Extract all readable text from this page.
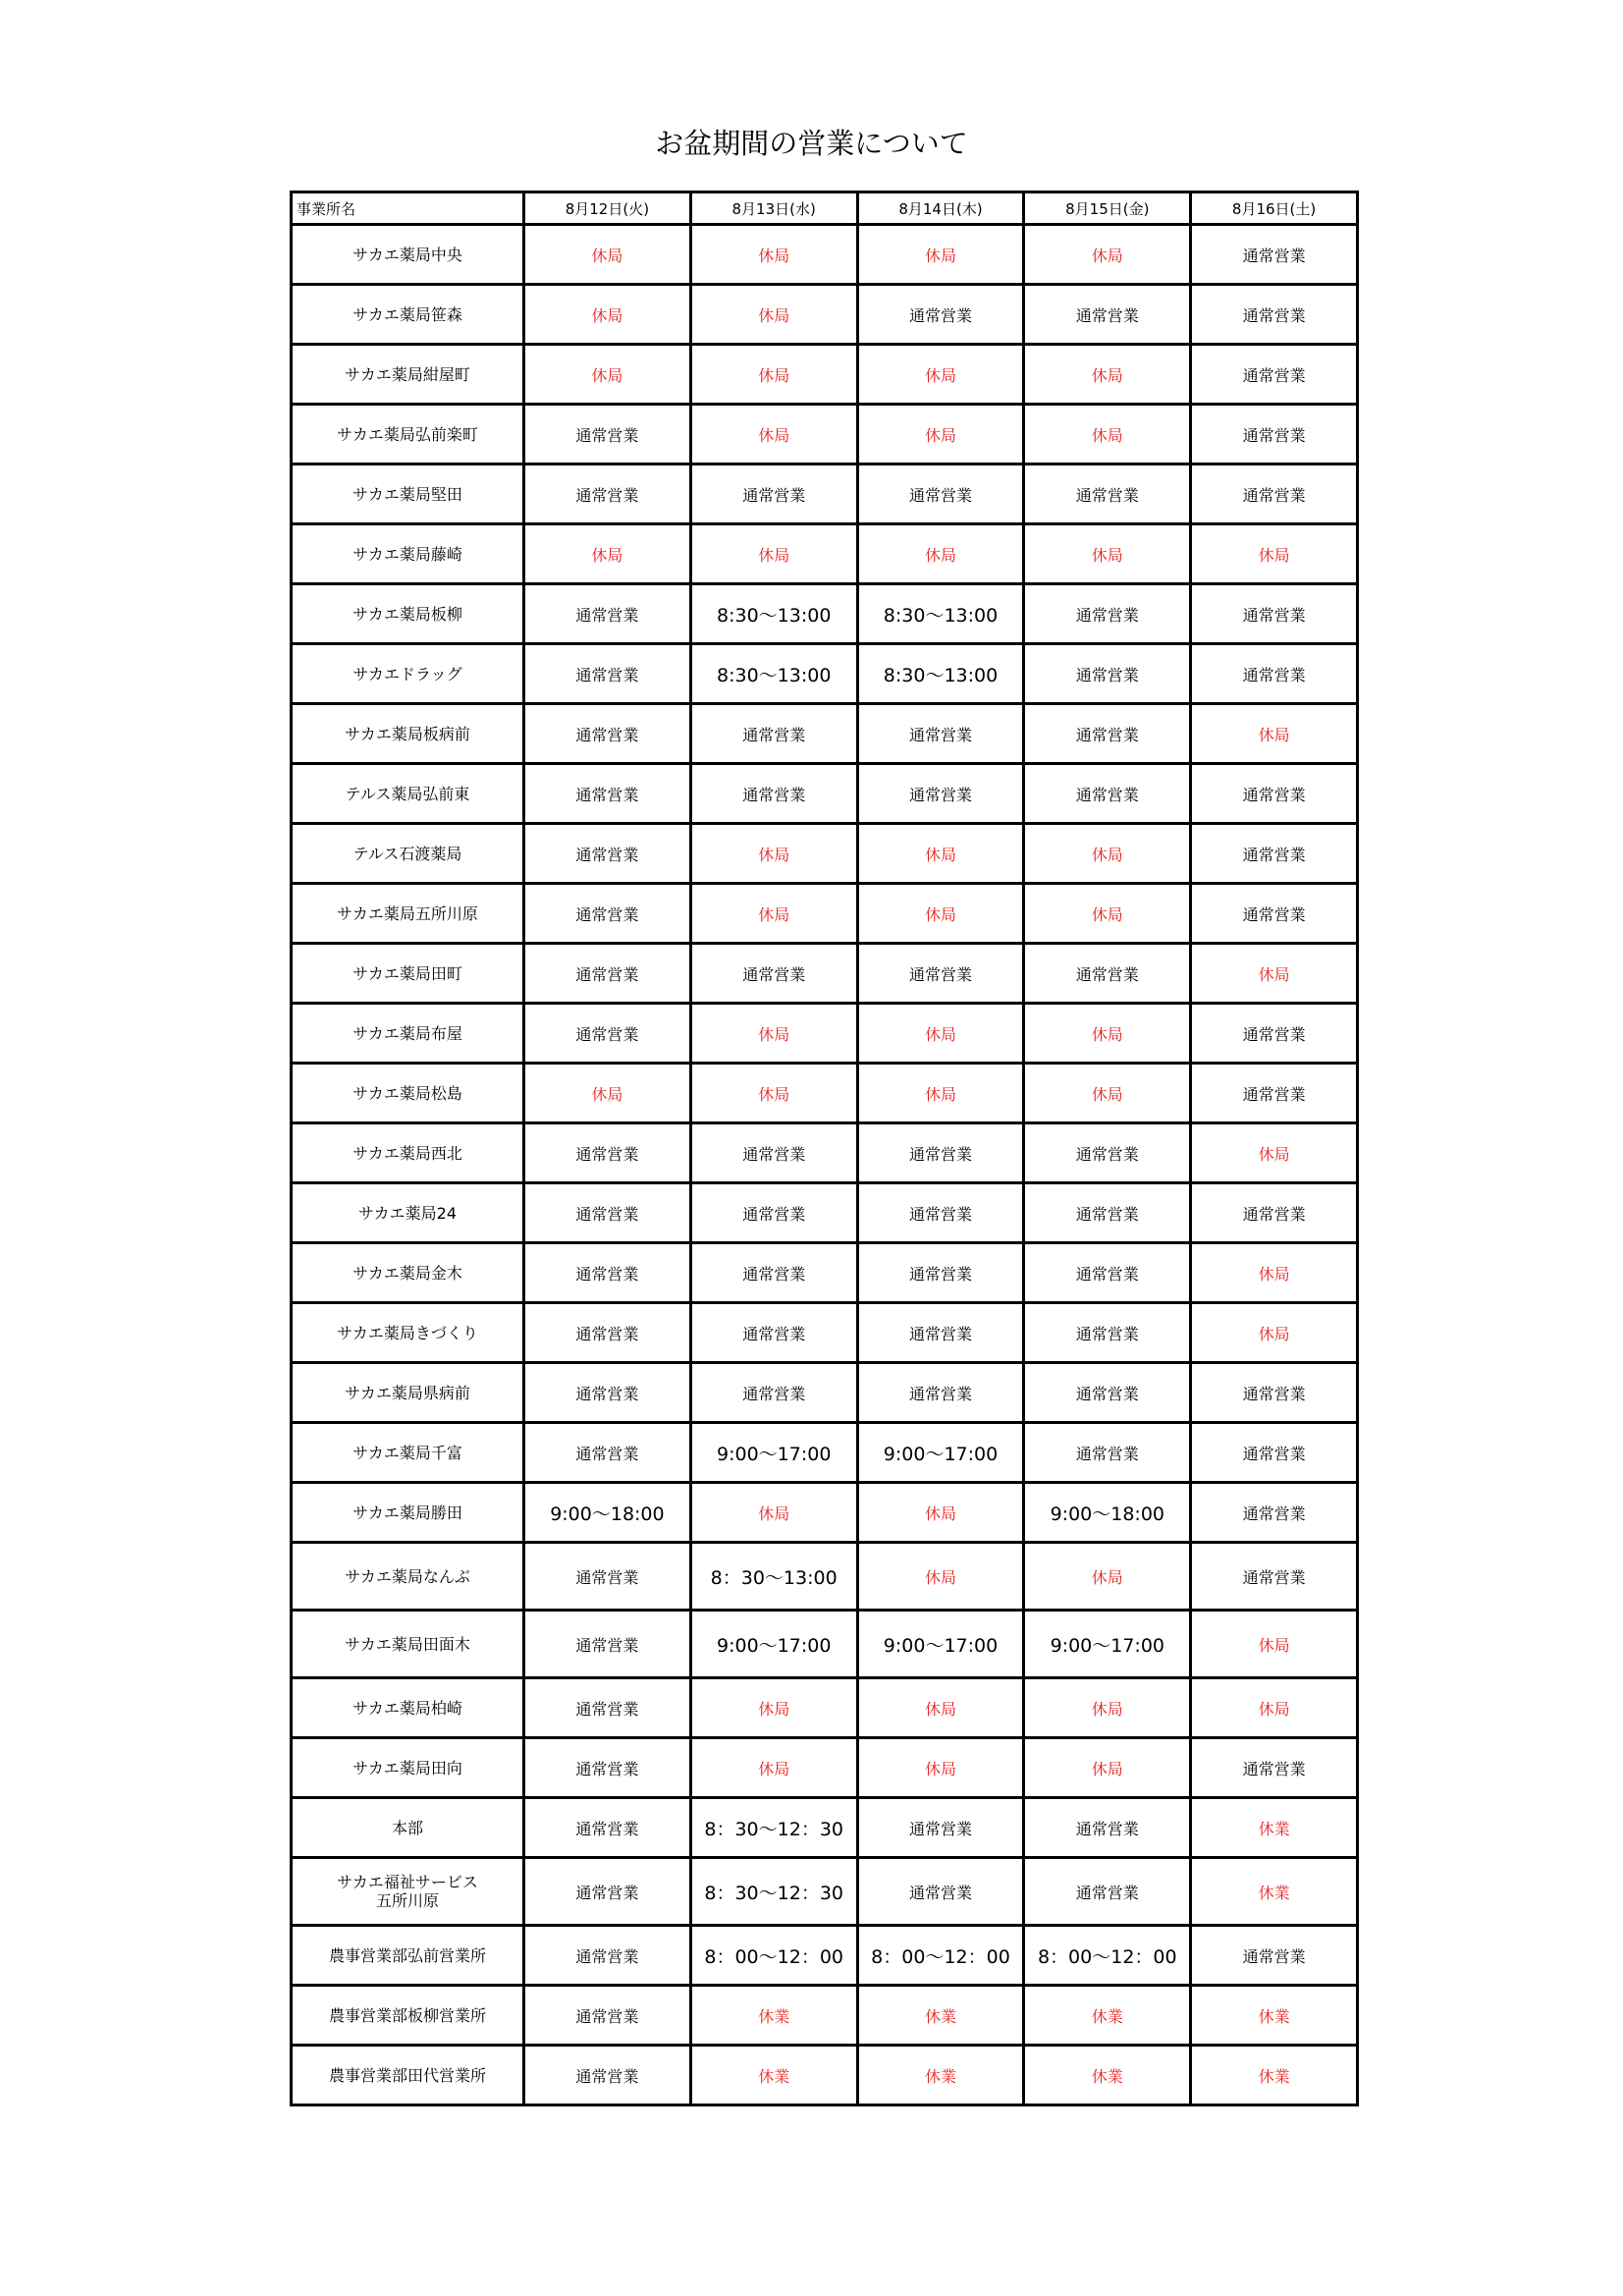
お盆期間の営業について
事業所名	8月12日(火)	8月13日(水)	8月14日(木)	8月15日(金)	8月16日(土)

サカエ薬局中央	休局	休局	休局	休局	通常営業

サカエ薬局笹森	休局	休局	通常営業	通常営業	通常営業

サカエ薬局紺屋町	休局	休局	休局	休局	通常営業

サカエ薬局弘前楽町	通常営業	休局	休局	休局	通常営業

サカエ薬局堅田	通常営業	通常営業	通常営業	通常営業	通常営業

サカエ薬局藤崎	休局	休局	休局	休局	休局

サカエ薬局板柳	通常営業	8:30～13:00	8:30～13:00	通常営業	通常営業

サカエドラッグ	通常営業	8:30～13:00	8:30～13:00	通常営業	通常営業

サカエ薬局板病前	通常営業	通常営業	通常営業	通常営業	休局

テルス薬局弘前東	通常営業	通常営業	通常営業	通常営業	通常営業

テルス石渡薬局	通常営業	休局	休局	休局	通常営業

サカエ薬局五所川原	通常営業	休局	休局	休局	通常営業

サカエ薬局田町	通常営業	通常営業	通常営業	通常営業	休局

サカエ薬局布屋	通常営業	休局	休局	休局	通常営業

サカエ薬局松島	休局	休局	休局	休局	通常営業

サカエ薬局西北	通常営業	通常営業	通常営業	通常営業	休局

サカエ薬局24	通常営業	通常営業	通常営業	通常営業	通常営業

サカエ薬局金木	通常営業	通常営業	通常営業	通常営業	休局

サカエ薬局きづくり	通常営業	通常営業	通常営業	通常営業	休局

サカエ薬局県病前	通常営業	通常営業	通常営業	通常営業	通常営業

サカエ薬局千富	通常営業	9:00～17:00	9:00～17:00	通常営業	通常営業

サカエ薬局勝田	9:00～18:00	休局	休局	9:00～18:00	通常営業

サカエ薬局なんぶ	通常営業	8：30～13:00	休局	休局	通常営業

サカエ薬局田面木	通常営業	9:00～17:00	9:00～17:00	9:00～17:00	休局

サカエ薬局柏崎	通常営業	休局	休局	休局	休局

サカエ薬局田向	通常営業	休局	休局	休局	通常営業

本部	通常営業	8：30～12：30	通常営業	通常営業	休業

サカエ福祉サービス
五所川原	通常営業	8：30～12：30	通常営業	通常営業	休業

農事営業部弘前営業所	通常営業	8：00～12：00	8：00～12：00	8：00～12：00	通常営業

農事営業部板柳営業所	通常営業	休業	休業	休業	休業

農事営業部田代営業所	通常営業	休業	休業	休業	休業
